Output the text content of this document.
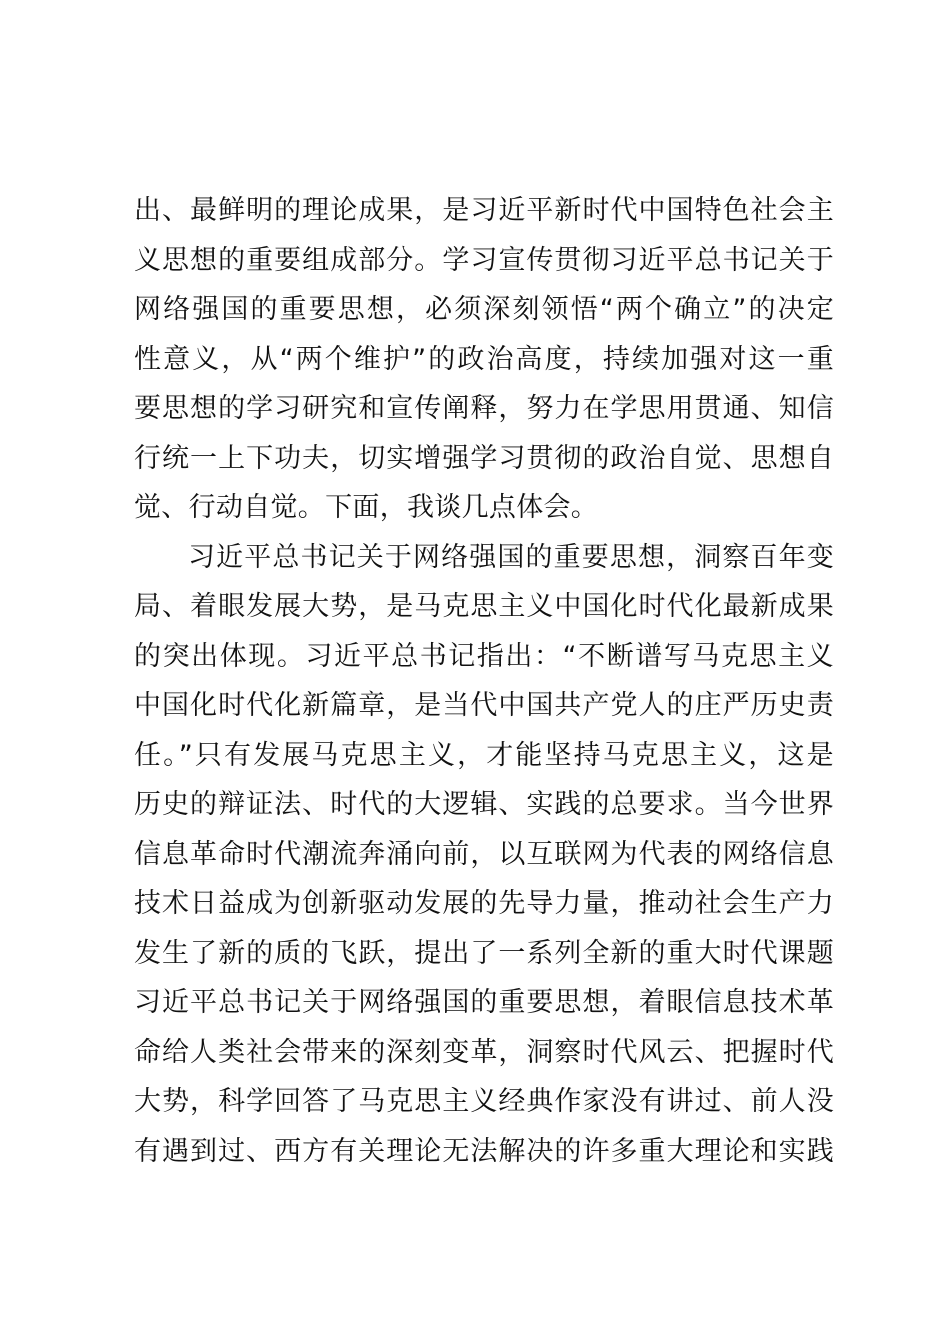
出、最鲜明的理论成果，是习近平新时代中国特色社会主
义思想的重要组成部分。学习宣传贯彻习近平总书记关于
网络强国的重要思想，必须深刻领悟“两个确立”的决定
性意义，从“两个维护”的政治高度，持续加强对这一重
要思想的学习研究和宣传阐释，努力在学思用贯通、知信
行统一上下功夫，切实增强学习贯彻的政治自觉、思想自
觉、行动自觉。下面，我谈几点体会。
习近平总书记关于网络强国的重要思想，洞察百年变
局、着眼发展大势，是马克思主义中国化时代化最新成果
的突出体现。习近平总书记指出：“不断谱写马克思主义
中国化时代化新篇章，是当代中国共产党人的庄严历史责
任。”只有发展马克思主义，才能坚持马克思主义，这是
历史的辩证法、时代的大逻辑、实践的总要求。当今世界
信息革命时代潮流奔涌向前，以互联网为代表的网络信息
技术日益成为创新驱动发展的先导力量，推动社会生产力
发生了新的质的飞跃，提出了一系列全新的重大时代课题
习近平总书记关于网络强国的重要思想，着眼信息技术革
命给人类社会带来的深刻变革，洞察时代风云、把握时代
大势，科学回答了马克思主义经典作家没有讲过、前人没
有遇到过、西方有关理论无法解决的许多重大理论和实践
